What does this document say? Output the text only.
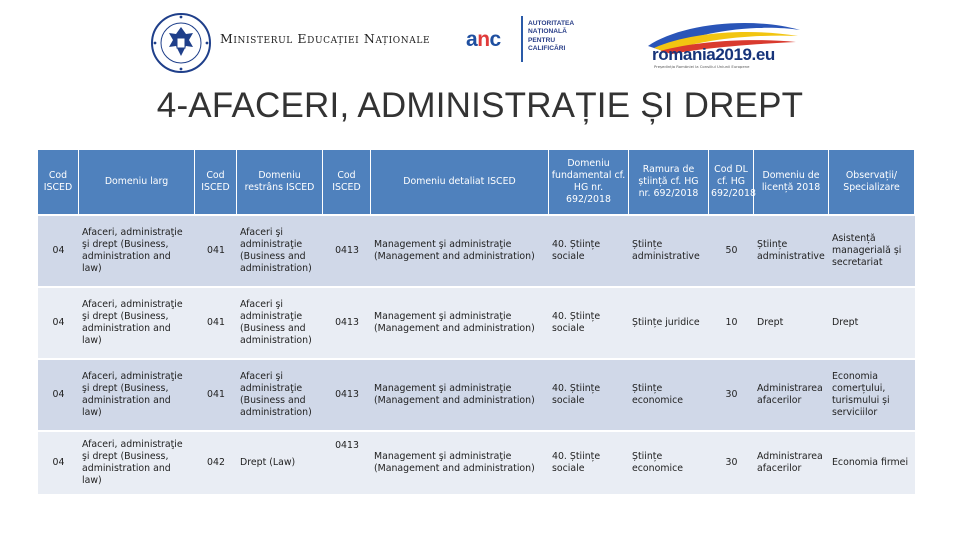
Ministerul Educației Naționale anc
AUTORITATEA
NAȚIONALĂ
PENTRU
CALIFICĂRI	romania2019.eu
Președinția României la Consiliul Uniunii Europene
4-AFACERI, ADMINISTRAȚIE ȘI DREPT
Cod ISCED	Domeniu larg	Cod ISCED	Domeniu restrâns ISCED	Cod ISCED	Domeniu detaliat ISCED	Domeniu fundamental cf. HG nr. 692/2018	Ramura de știință cf. HG nr. 692/2018	Cod DL cf. HG 692/2018	Domeniu de licență 2018	Observații/ Specializare
04	Afaceri, administraţie şi drept (Business, administration and law)	041	Afaceri şi administraţie (Business and administration)	0413	Management şi administraţie (Management and administration)	40. Științe sociale	Științe administrative	50	Științe administrative	Asistență managerială și secretariat
04	Afaceri, administraţie şi drept (Business, administration and law)	041	Afaceri şi administraţie (Business and administration)	0413	Management şi administraţie (Management and administration)	40. Științe sociale	Științe juridice	10	Drept	Drept
04	Afaceri, administraţie şi drept (Business, administration and law)	041	Afaceri şi administraţie (Business and administration)	0413	Management şi administraţie (Management and administration)	40. Științe sociale	Științe economice	30	Administrarea afacerilor	Economia comerțului, turismului și serviciilor
04	Afaceri, administraţie şi drept (Business, administration and law)	042	Drept (Law)	0413	Management şi administraţie (Management and administration)	40. Științe sociale	Științe economice	30	Administrarea afacerilor	Economia firmei
